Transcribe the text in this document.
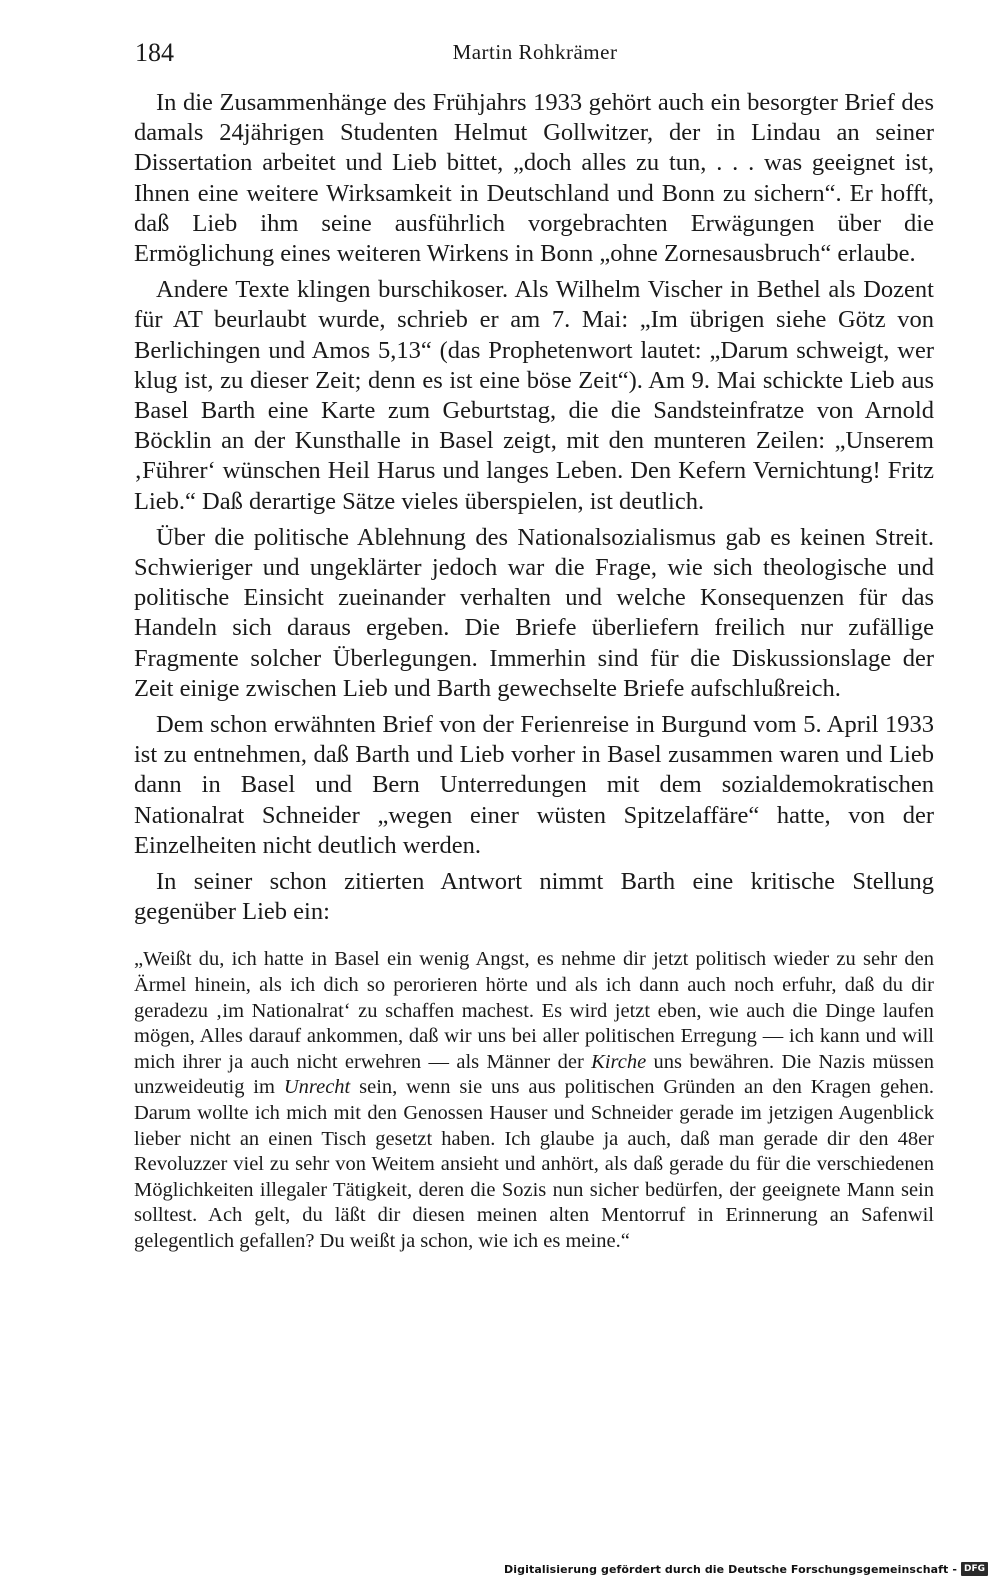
184	Martin Rohkrämer

In die Zusammenhänge des Frühjahrs 1933 gehört auch ein besorgter Brief des damals 24jährigen Studenten Helmut Gollwitzer, der in Lindau an seiner Dissertation arbeitet und Lieb bittet, „doch alles zu tun, . . . was geeignet ist, Ihnen eine weitere Wirksamkeit in Deutschland und Bonn zu sichern“. Er hofft, daß Lieb ihm seine ausführlich vorgebrachten Erwägungen über die Ermöglichung eines weiteren Wirkens in Bonn „ohne Zornesausbruch“ erlaube.

Andere Texte klingen burschikoser. Als Wilhelm Vischer in Bethel als Dozent für AT beurlaubt wurde, schrieb er am 7. Mai: „Im übrigen siehe Götz von Berlichingen und Amos 5,13“ (das Prophetenwort lautet: „Darum schweigt, wer klug ist, zu dieser Zeit; denn es ist eine böse Zeit“). Am 9. Mai schickte Lieb aus Basel Barth eine Karte zum Geburtstag, die die Sandsteinfratze von Arnold Böcklin an der Kunsthalle in Basel zeigt, mit den munteren Zeilen: „Unserem ‚Führer‘ wünschen Heil Harus und langes Leben. Den Kefern Vernichtung! Fritz Lieb.“ Daß derartige Sätze vieles überspielen, ist deutlich.

Über die politische Ablehnung des Nationalsozialismus gab es keinen Streit. Schwieriger und ungeklärter jedoch war die Frage, wie sich theologische und politische Einsicht zueinander verhalten und welche Konsequenzen für das Handeln sich daraus ergeben. Die Briefe überliefern freilich nur zufällige Fragmente solcher Überlegungen. Immerhin sind für die Diskussionslage der Zeit einige zwischen Lieb und Barth gewechselte Briefe aufschlußreich.

Dem schon erwähnten Brief von der Ferienreise in Burgund vom 5. April 1933 ist zu entnehmen, daß Barth und Lieb vorher in Basel zusammen waren und Lieb dann in Basel und Bern Unterredungen mit dem sozialdemokratischen Nationalrat Schneider „wegen einer wüsten Spitzelaffäre“ hatte, von der Einzelheiten nicht deutlich werden.

In seiner schon zitierten Antwort nimmt Barth eine kritische Stellung gegenüber Lieb ein:

„Weißt du, ich hatte in Basel ein wenig Angst, es nehme dir jetzt politisch wieder zu sehr den Ärmel hinein, als ich dich so perorieren hörte und als ich dann auch noch erfuhr, daß du dir geradezu ‚im Nationalrat‘ zu schaffen machest. Es wird jetzt eben, wie auch die Dinge laufen mögen, Alles darauf ankommen, daß wir uns bei aller politischen Erregung — ich kann und will mich ihrer ja auch nicht erwehren — als Männer der Kirche uns bewähren. Die Nazis müssen unzweideutig im Unrecht sein, wenn sie uns aus politischen Gründen an den Kragen gehen. Darum wollte ich mich mit den Genossen Hauser und Schneider gerade im jetzigen Augenblick lieber nicht an einen Tisch gesetzt haben. Ich glaube ja auch, daß man gerade dir den 48er Revoluzzer viel zu sehr von Weitem ansieht und anhört, als daß gerade du für die verschiedenen Möglichkeiten illegaler Tätigkeit, deren die Sozis nun sicher bedürfen, der geeignete Mann sein solltest. Ach gelt, du läßt dir diesen meinen alten Mentorruf in Erinnerung an Safenwil gelegentlich gefallen? Du weißt ja schon, wie ich es meine.“

Digitalisierung gefördert durch die Deutsche Forschungsgemeinschaft - DFG
